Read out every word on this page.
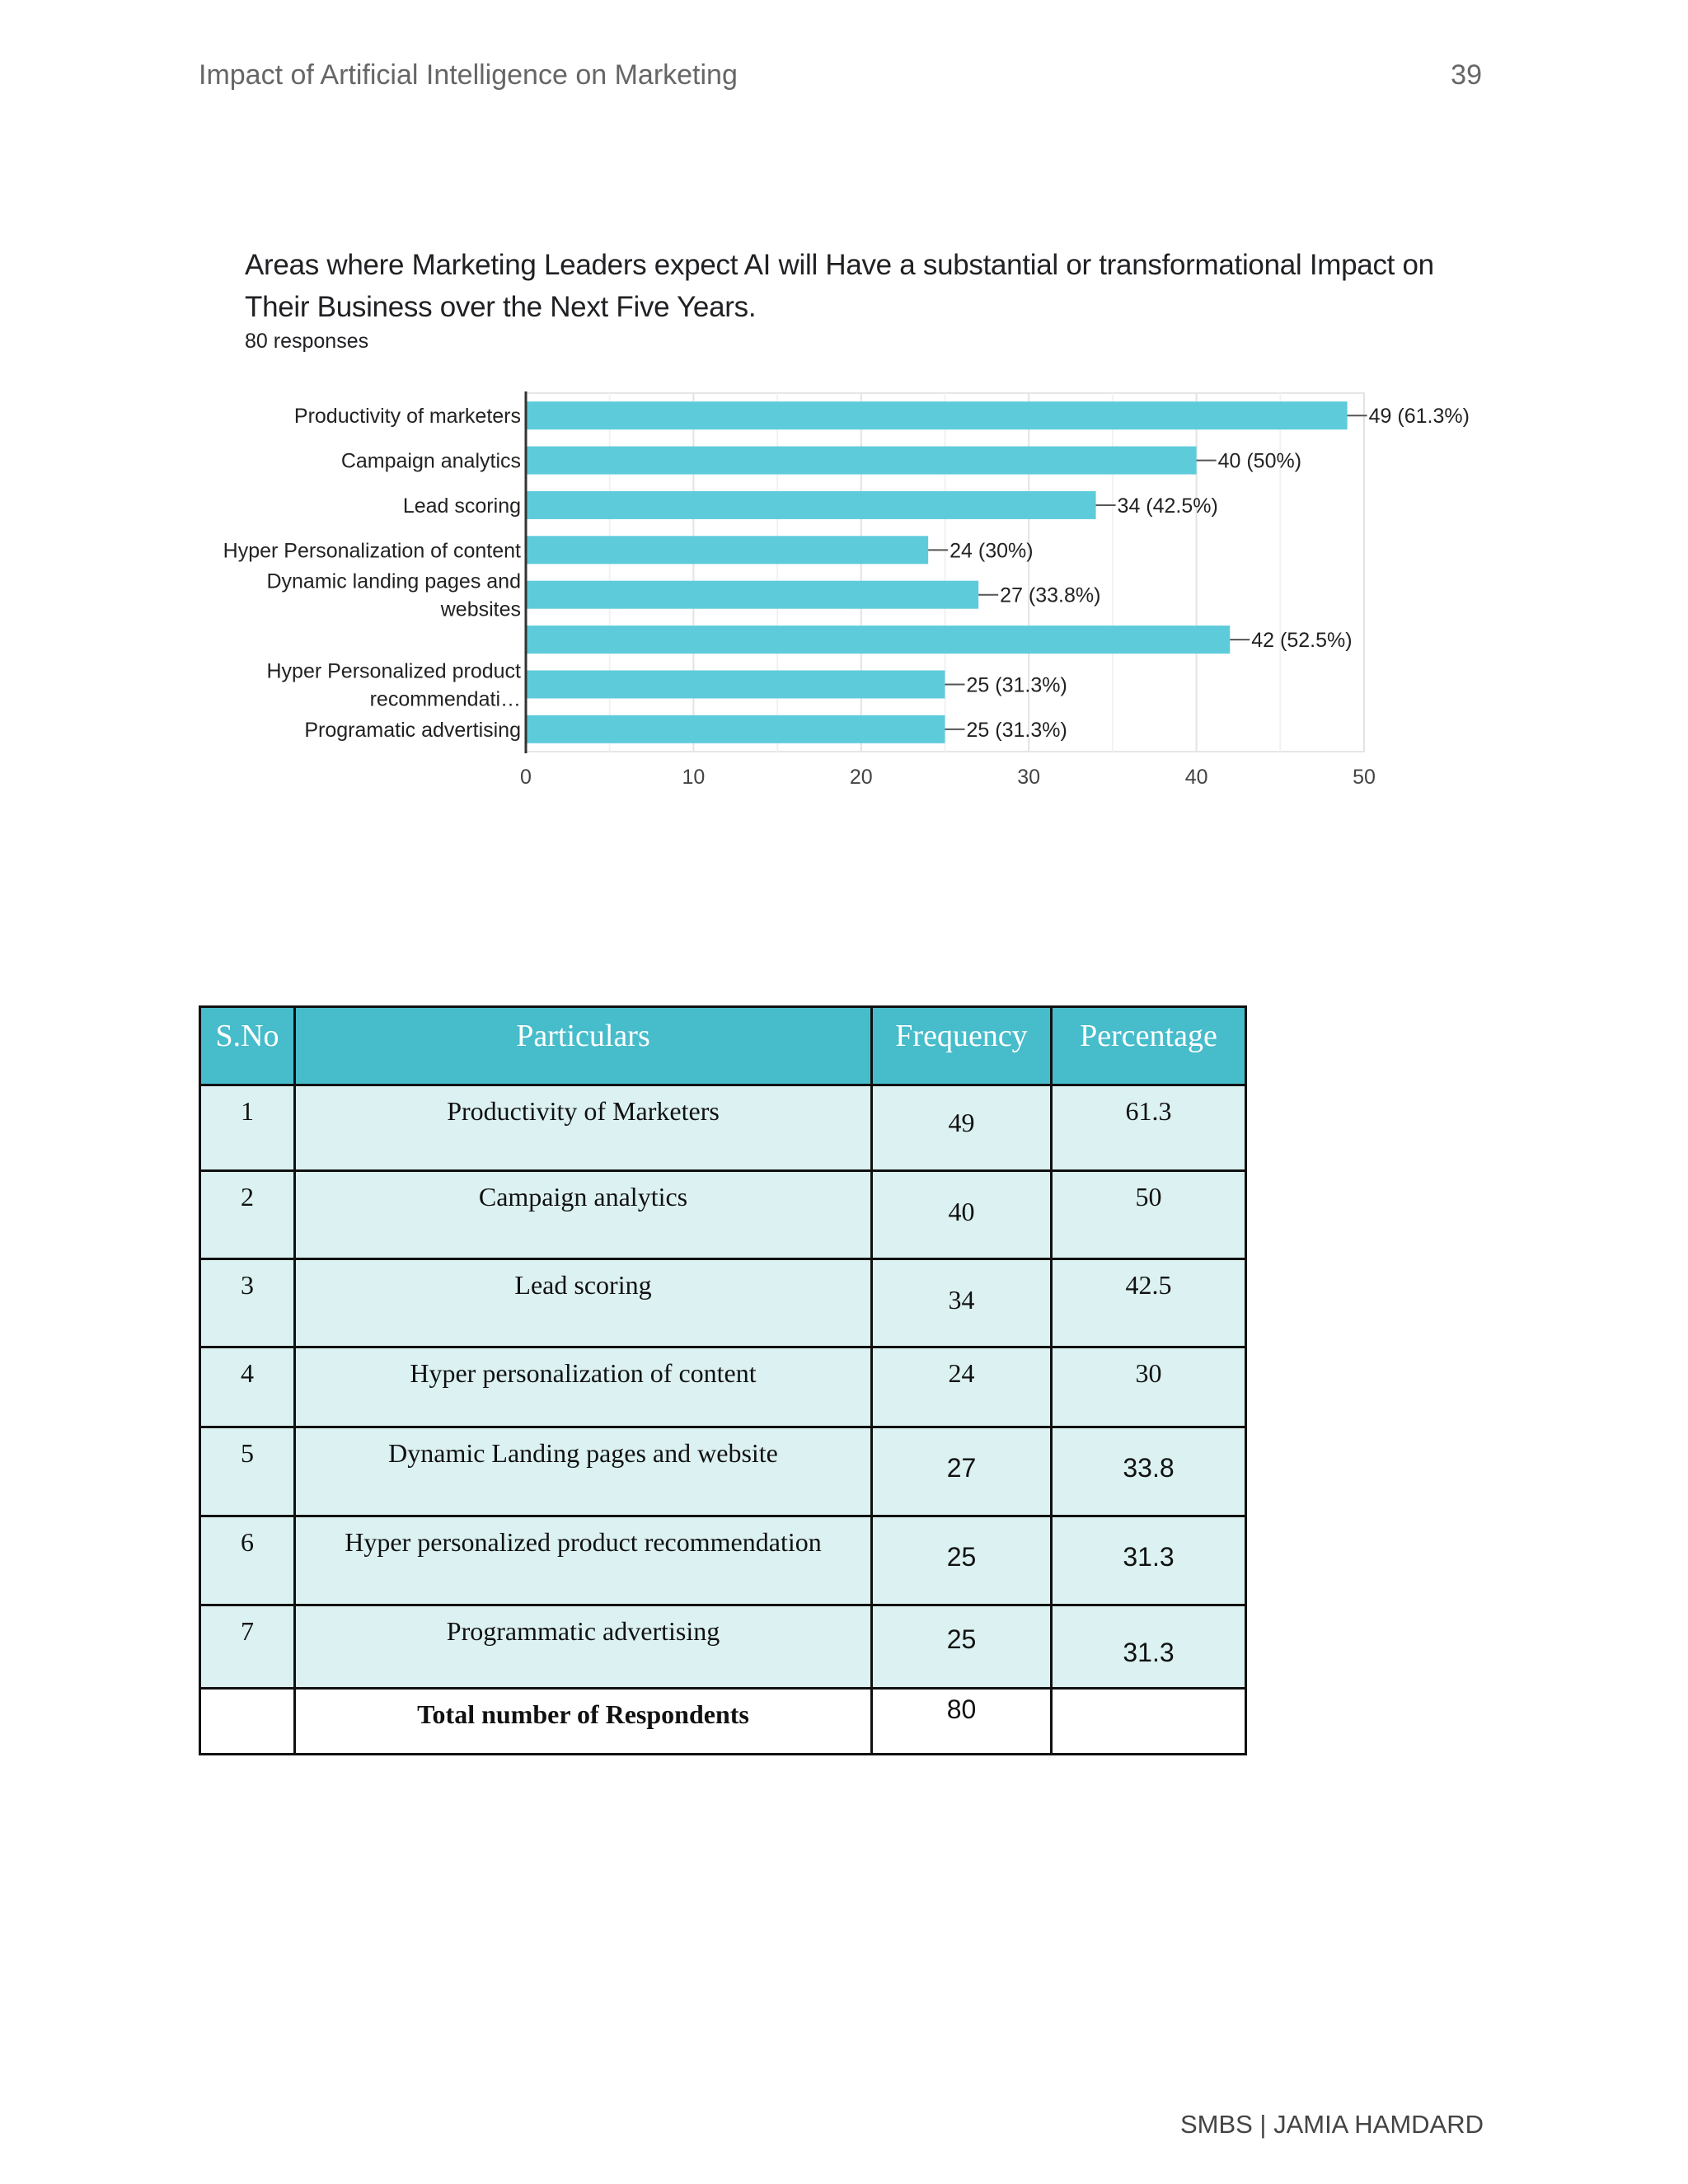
Impact of Artificial Intelligence on Marketing	39
Areas where Marketing Leaders expect AI will Have a substantial or transformational Impact on Their Business over the Next Five Years.
80 responses
49 (61.3%)
Productivity of marketers
40 (50%)
Campaign analytics
34 (42.5%)
Lead scoring
24 (30%)
Hyper Personalization of content
27 (33.8%)
Dynamic landing pages and
websites
42 (52.5%)
25 (31.3%)
Hyper Personalized product
recommendati…
25 (31.3%)
Programatic advertising
0	10	20	30	40	50
S.No	Particulars	Frequency	Percentage
1	Productivity of Marketers	49	61.3
2	Campaign analytics	40	50
3	Lead scoring	34	42.5
4	Hyper personalization of content	24	30
5	Dynamic Landing pages and website	27	33.8
6	Hyper personalized product recommendation	25	31.3
7	Programmatic advertising	25	31.3
	Total number of Respondents	80	
SMBS | JAMIA HAMDARD
